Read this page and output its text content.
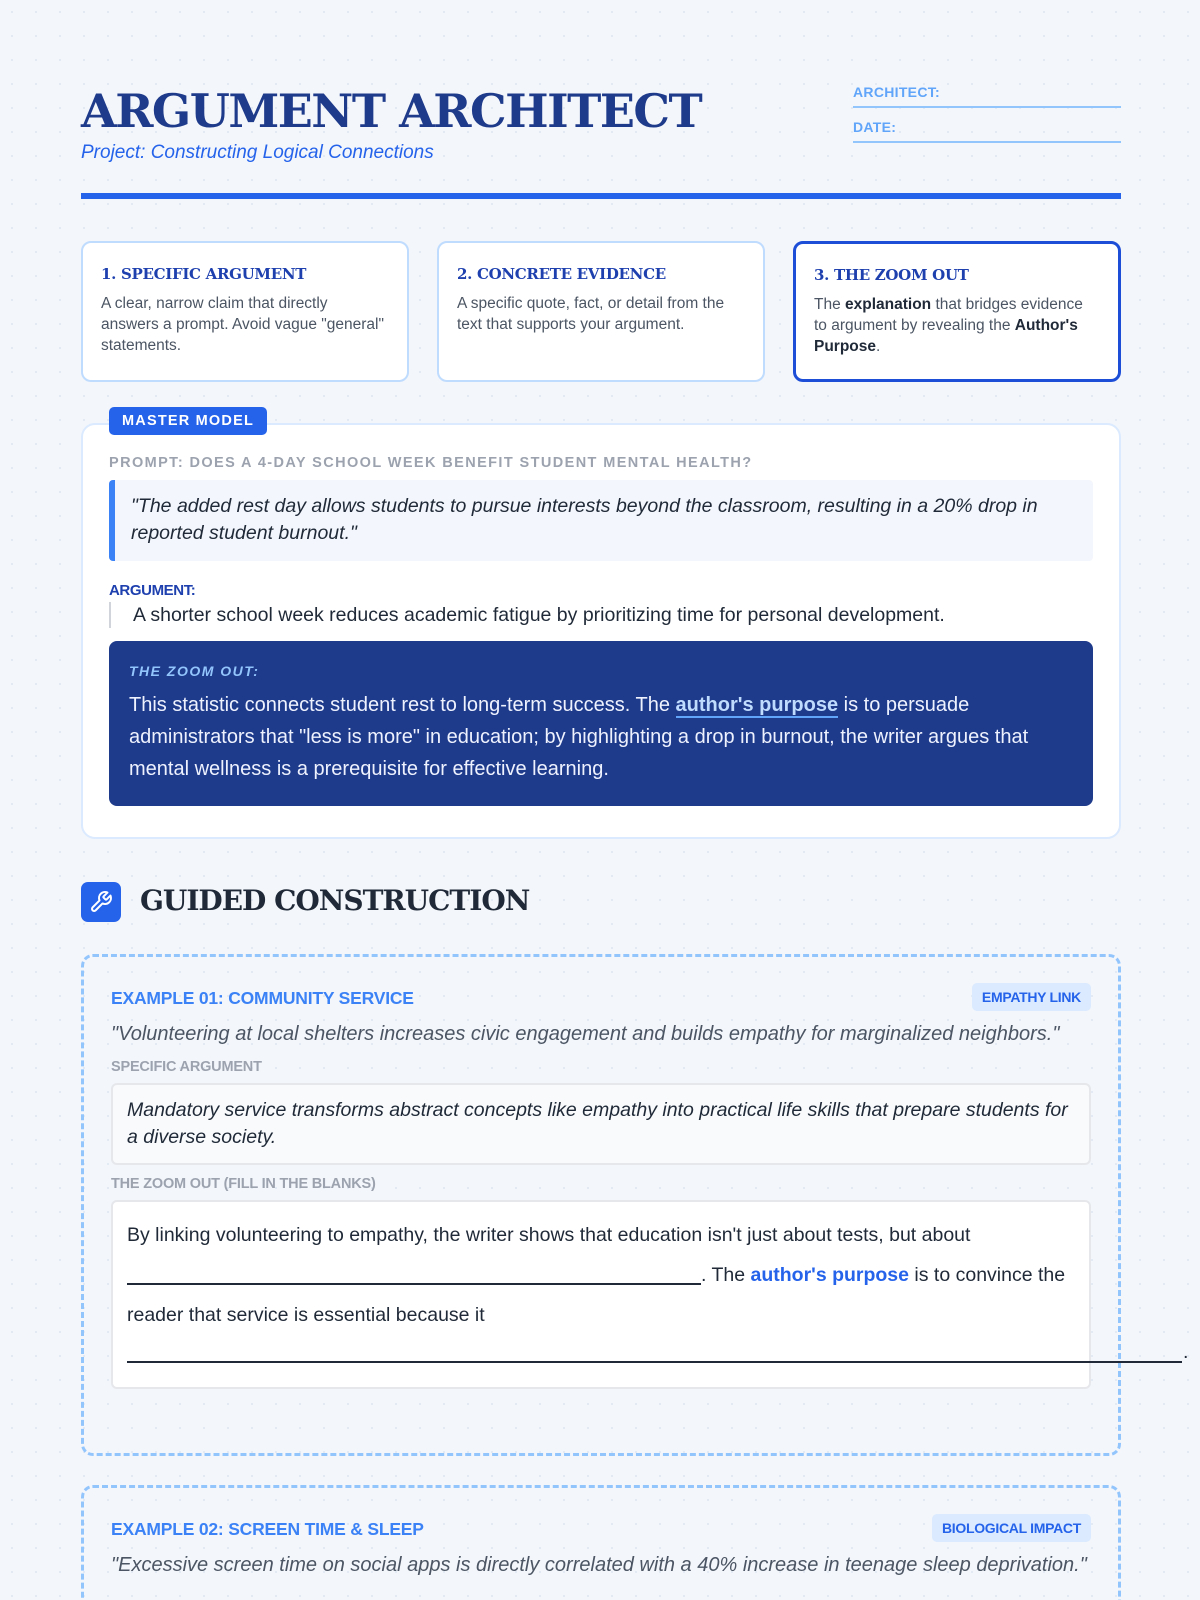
ARGUMENT ARCHITECT
Project: Constructing Logical Connections
ARCHITECT:
DATE:
1. SPECIFIC ARGUMENT
A clear, narrow claim that directly answers a prompt. Avoid vague "general" statements.
2. CONCRETE EVIDENCE
A specific quote, fact, or detail from the text that supports your argument.
3. THE ZOOM OUT
The explanation that bridges evidence to argument by revealing the Author's Purpose.
MASTER MODEL
PROMPT: DOES A 4-DAY SCHOOL WEEK BENEFIT STUDENT MENTAL HEALTH?
"The added rest day allows students to pursue interests beyond the classroom, resulting in a 20% drop in reported student burnout."
ARGUMENT:
A shorter school week reduces academic fatigue by prioritizing time for personal development.
THE ZOOM OUT:
This statistic connects student rest to long-term success. The author's purpose is to persuade administrators that "less is more" in education; by highlighting a drop in burnout, the writer argues that mental wellness is a prerequisite for effective learning.
GUIDED CONSTRUCTION
EXAMPLE 01: COMMUNITY SERVICE	EMPATHY LINK
"Volunteering at local shelters increases civic engagement and builds empathy for marginalized neighbors."
SPECIFIC ARGUMENT
Mandatory service transforms abstract concepts like empathy into practical life skills that prepare students for a diverse society.
THE ZOOM OUT (FILL IN THE BLANKS)
By linking volunteering to empathy, the writer shows that education isn't just about tests, but about
. The author's purpose is to convince the reader that service is essential because it
.
EXAMPLE 02: SCREEN TIME & SLEEP	BIOLOGICAL IMPACT
"Excessive screen time on social apps is directly correlated with a 40% increase in teenage sleep deprivation."
